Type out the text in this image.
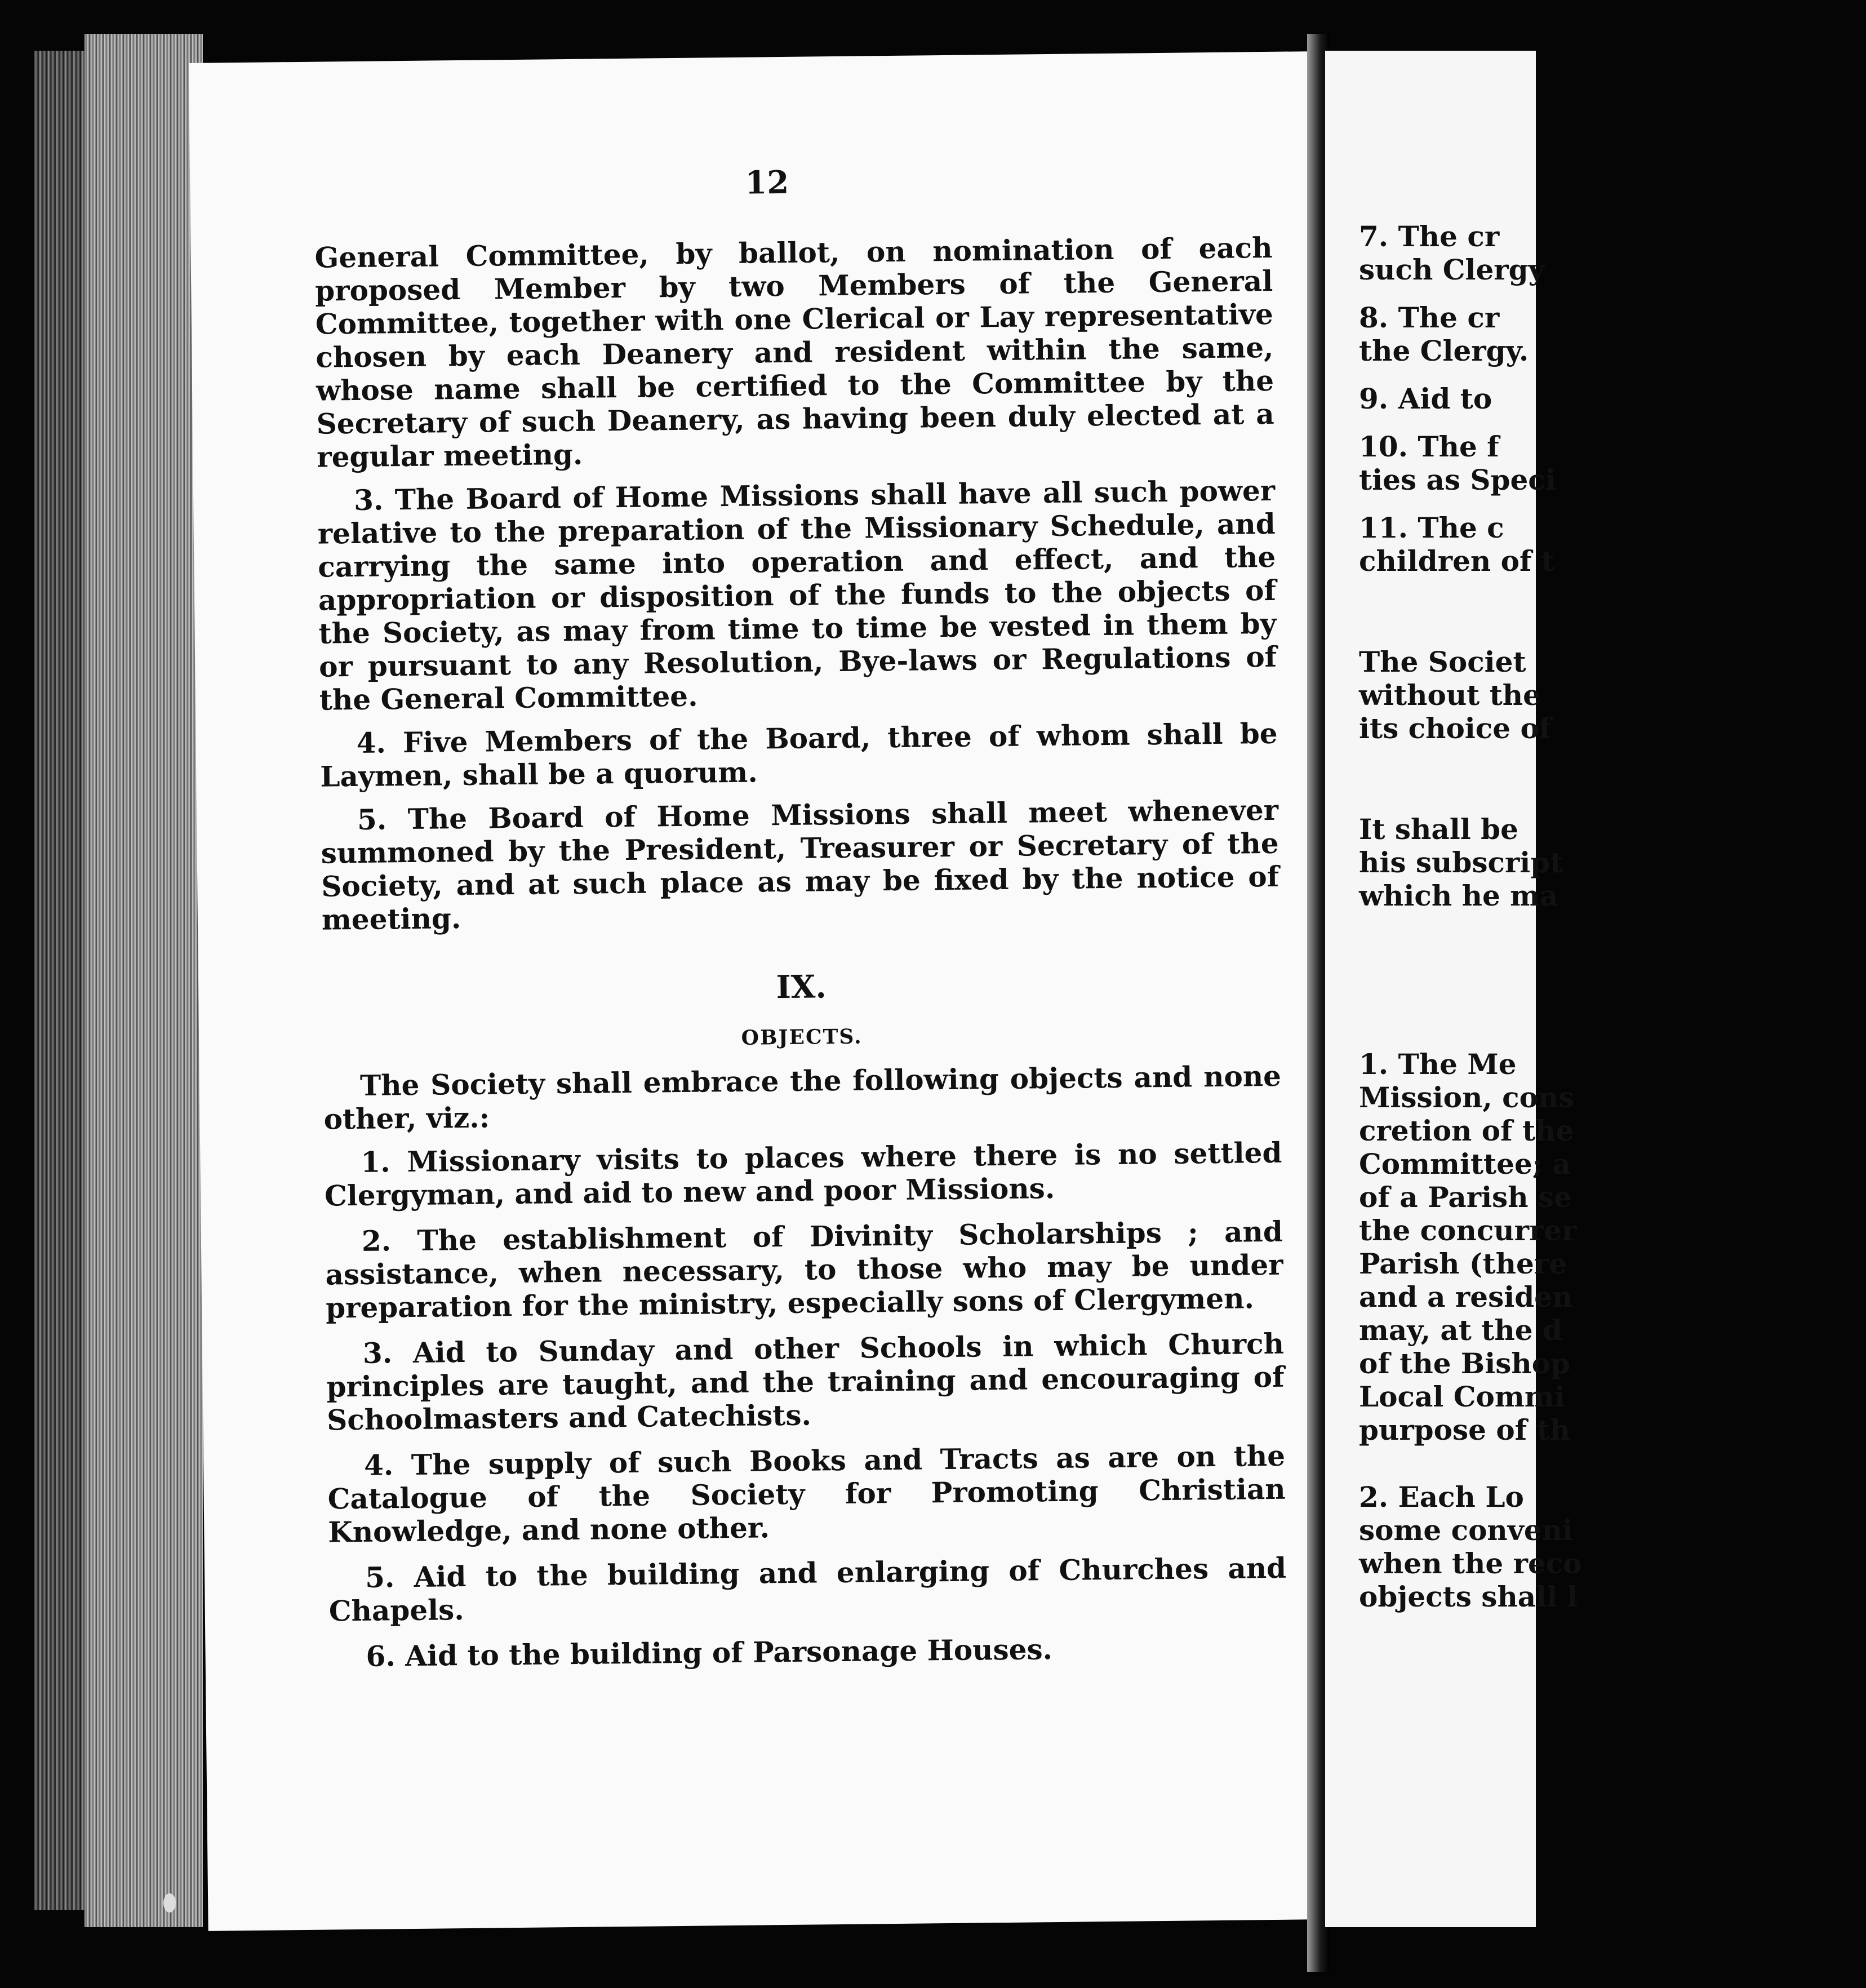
12

General Committee, by ballot, on nomination of each proposed Member by two Members of the General Committee, together with one Clerical or Lay representative chosen by each Deanery and resident within the same, whose name shall be certified to the Committee by the Secretary of such Deanery, as having been duly elected at a regular meeting.

3. The Board of Home Missions shall have all such power relative to the preparation of the Missionary Schedule, and carrying the same into operation and effect, and the appropriation or disposition of the funds to the objects of the Society, as may from time to time be vested in them by or pursuant to any Resolution, Bye-laws or Regulations of the General Committee.

4. Five Members of the Board, three of whom shall be Laymen, shall be a quorum.

5. The Board of Home Missions shall meet whenever summoned by the President, Treasurer or Secretary of the Society, and at such place as may be fixed by the notice of meeting.

IX.
OBJECTS.

The Society shall embrace the following objects and none other, viz.:

1. Missionary visits to places where there is no settled Clergyman, and aid to new and poor Missions.

2. The establishment of Divinity Scholarships ; and assistance, when necessary, to those who may be under preparation for the ministry, especially sons of Clergymen.

3. Aid to Sunday and other Schools in which Church principles are taught, and the training and encouraging of Schoolmasters and Catechists.

4. The supply of such Books and Tracts as are on the Catalogue of the Society for Promoting Christian Knowledge, and none other.

5. Aid to the building and enlarging of Churches and Chapels.

6. Aid to the building of Parsonage Houses.

7. The cr
such Clergy
8. The cr
the Clergy.
9. Aid to
10. The f
ties as Speci
11. The c
children of t
The Societ
without the
its choice of
It shall be
his subscript
which he ma
1. The Me
Mission, cons
cretion of the
Committee; a
of a Parish se
the concurrer
Parish (there
and a residen
may, at the d
of the Bishop
Local Commi
purpose of th
2. Each Lo
some conveni
when the reco
objects shall l
